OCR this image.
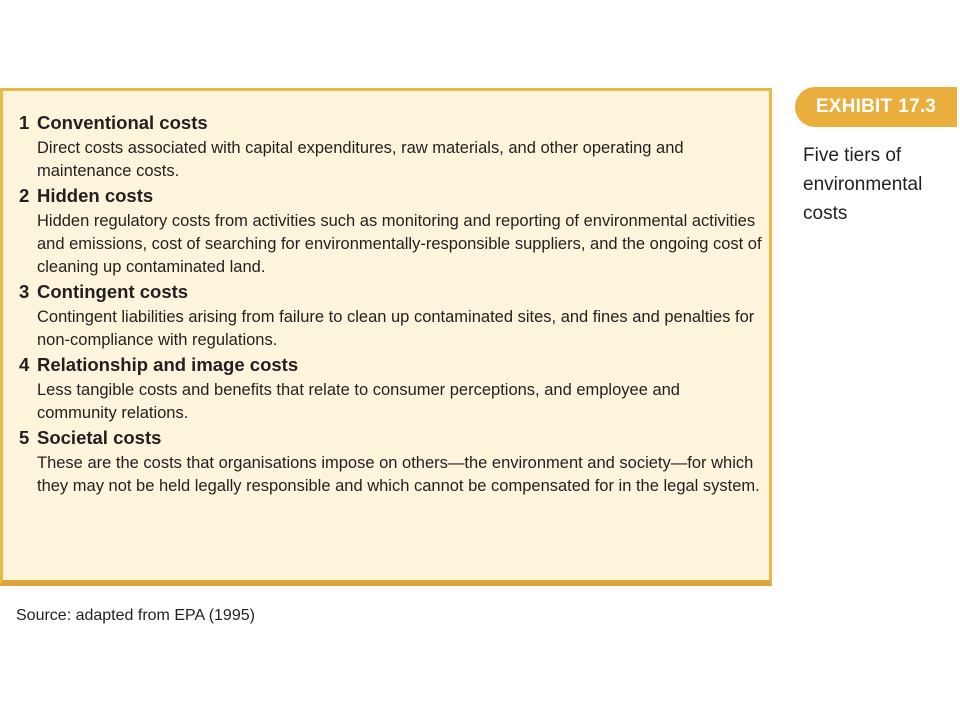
1 Conventional costs

Direct costs associated with capital expenditures, raw materials, and other operating and maintenance costs.

2 Hidden costs

Hidden regulatory costs from activities such as monitoring and reporting of environmental activities and emissions, cost of searching for environmentally-responsible suppliers, and the ongoing cost of cleaning up contaminated land.

3 Contingent costs

Contingent liabilities arising from failure to clean up contaminated sites, and fines and penalties for non-compliance with regulations.

4 Relationship and image costs

Less tangible costs and benefits that relate to consumer perceptions, and employee and community relations.

5 Societal costs

These are the costs that organisations impose on others—the environment and society—for which they may not be held legally responsible and which cannot be compensated for in the legal system.

EXHIBIT 17.3
Five tiers of environmental costs
Source: adapted from EPA (1995)
